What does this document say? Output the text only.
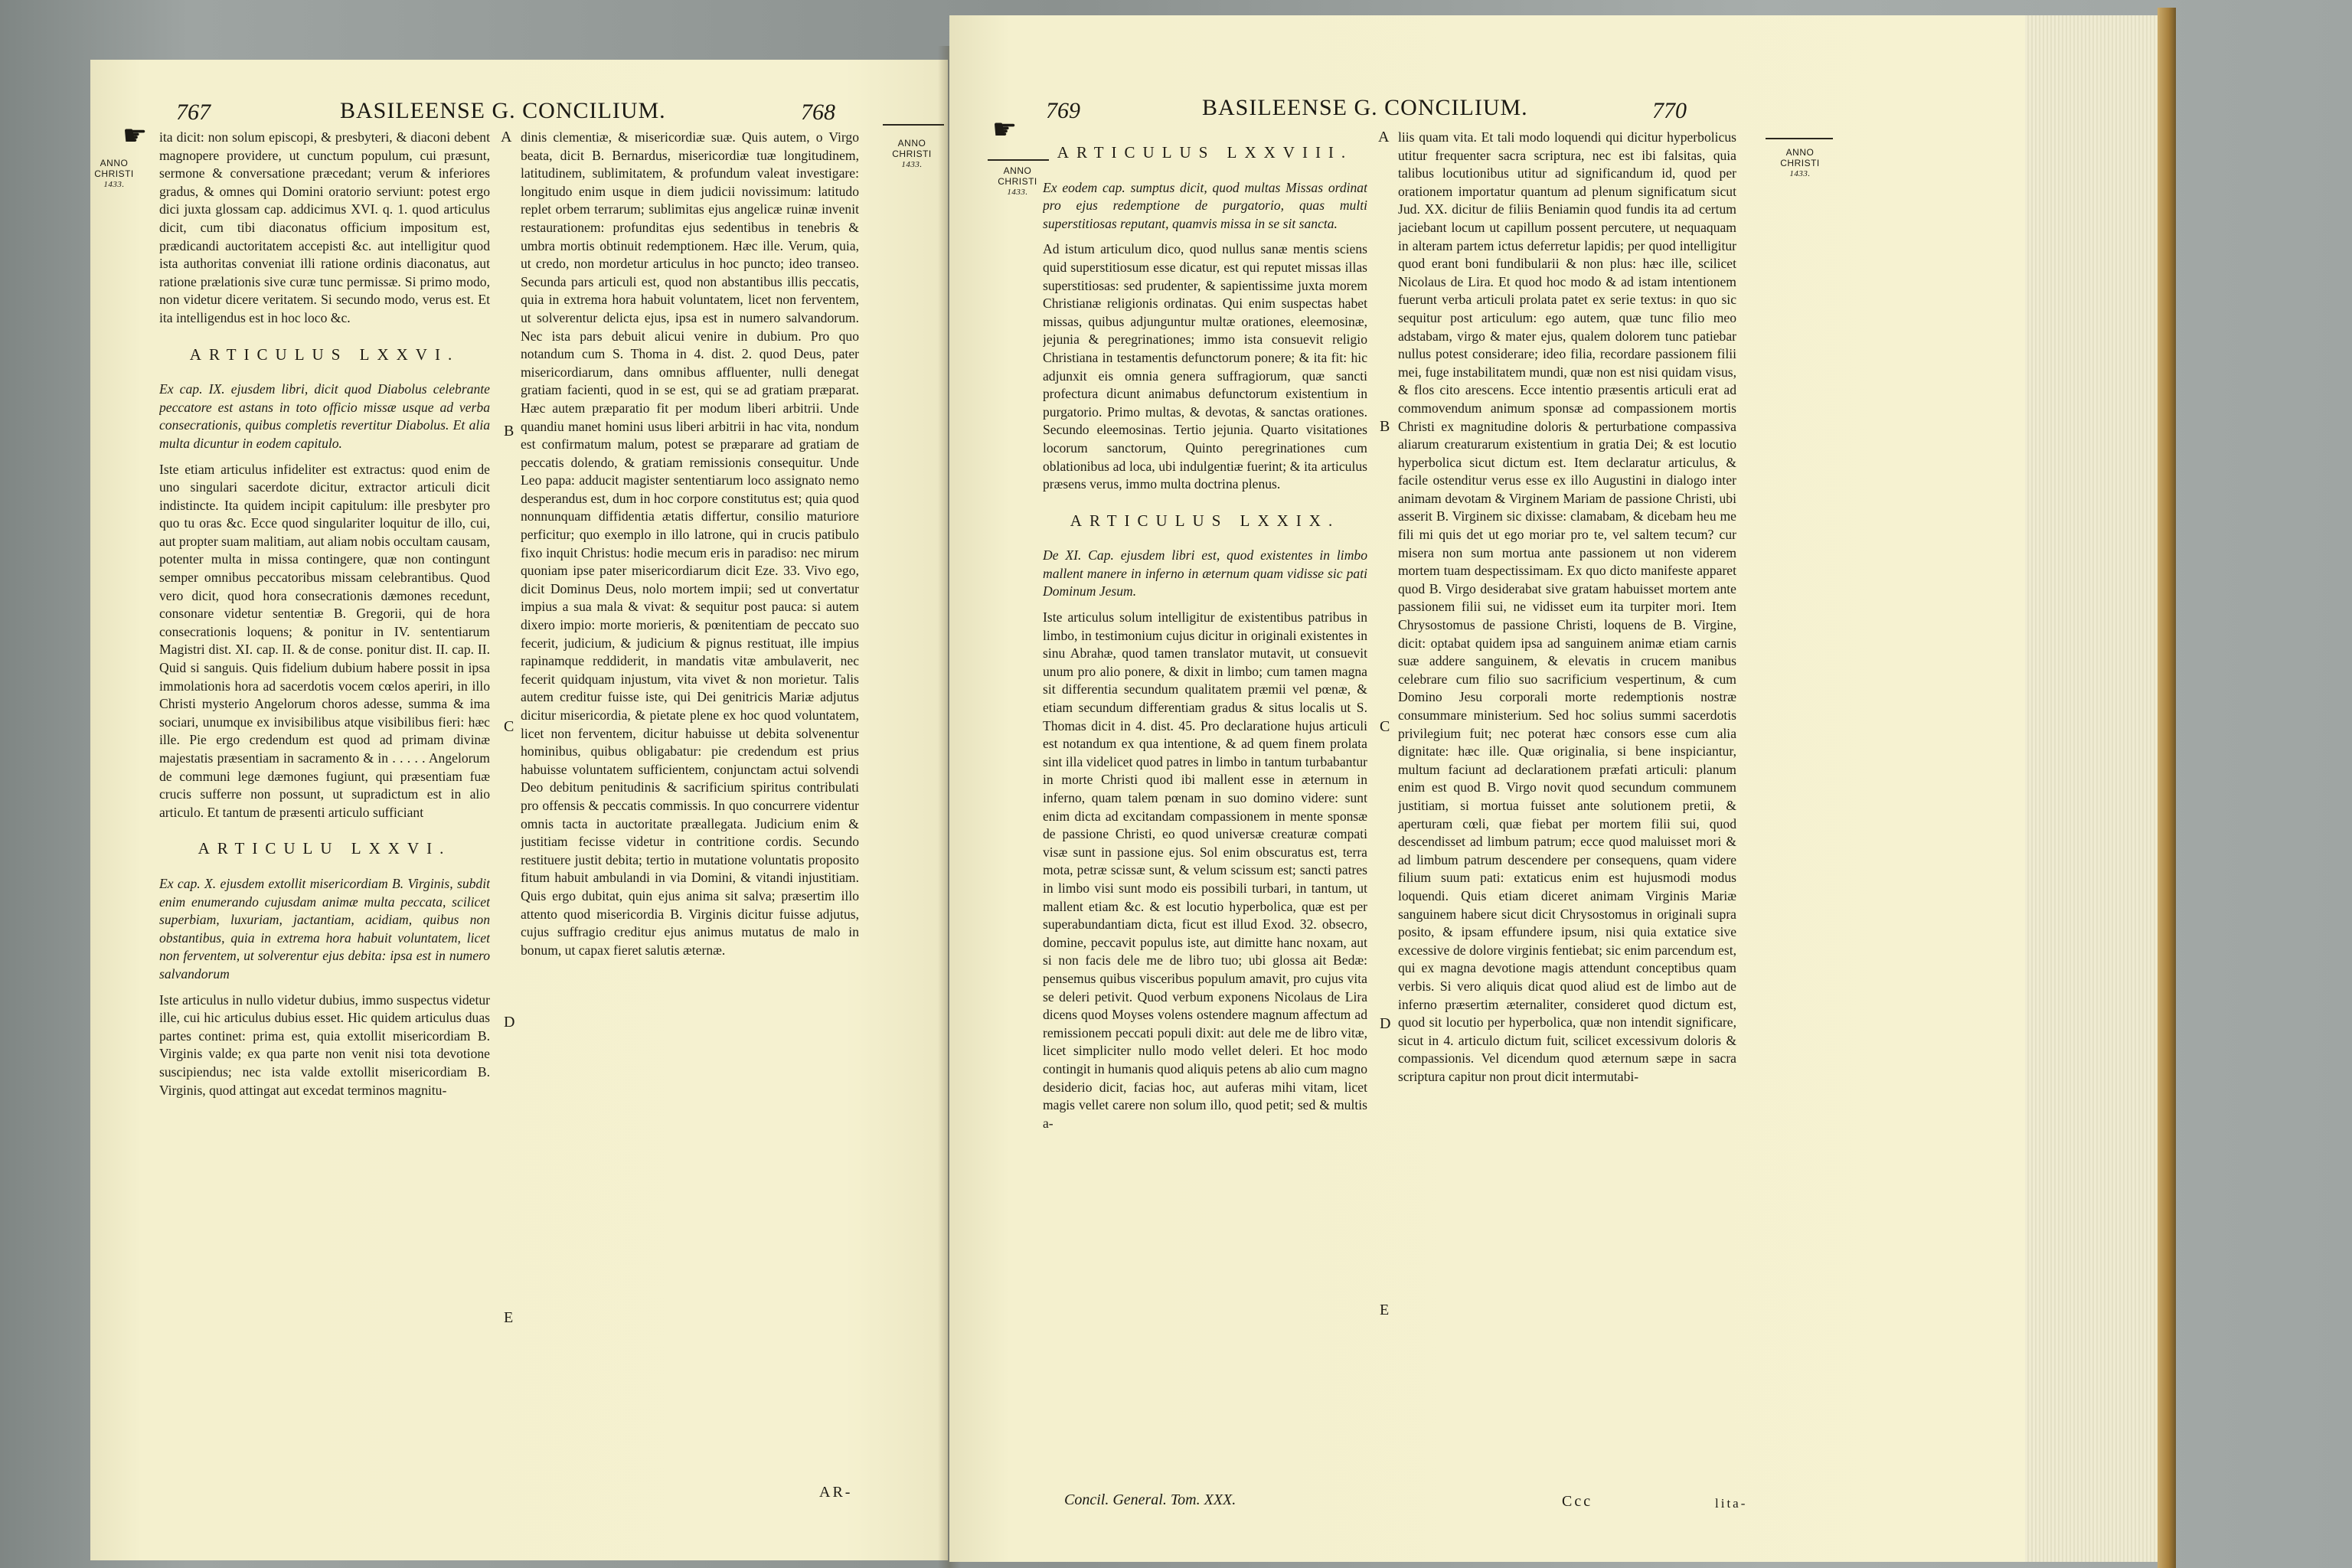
☛
767	BASILEENSE G. CONCILIUM.	768
ANNO
CHRISTI
1433.
ANNO
CHRISTI
1433.

ita dicit: non solum episcopi, & presbyteri, & diaconi debent magnopere providere, ut cunctum populum, cui præsunt, sermone & conversatione præcedant; verum & inferiores gradus, & omnes qui Domini oratorio serviunt: potest ergo dici juxta glossam cap. addicimus XVI. q. 1. quod articulus dicit, cum tibi diaconatus officium impositum est, prædicandi auctoritatem accepisti &c. aut intelligitur quod ista authoritas conveniat illi ratione ordinis diaconatus, aut ratione prælationis sive curæ tunc permissæ. Si primo modo, non videtur dicere veritatem. Si secundo modo, verus est. Et ita intelligendus est in hoc loco &c.

ARTICULUS LXXVI.

Ex cap. IX. ejusdem libri, dicit quod Diabolus celebrante peccatore est astans in toto officio missæ usque ad verba consecrationis, quibus completis revertitur Diabolus. Et alia multa dicuntur in eodem capitulo.

Iste etiam articulus infideliter est extractus: quod enim de uno singulari sacerdote dicitur, extractor articuli dicit indistincte. Ita quidem incipit capitulum: ille presbyter pro quo tu oras &c. Ecce quod singulariter loquitur de illo, cui, aut propter suam malitiam, aut aliam nobis occultam causam, potenter multa in missa contingere, quæ non contingunt semper omnibus peccatoribus missam celebrantibus. Quod vero dicit, quod hora consecrationis dæmones recedunt, consonare videtur sententiæ B. Gregorii, qui de hora consecrationis loquens; & ponitur in IV. sententiarum Magistri dist. XI. cap. II. & de conse. ponitur dist. II. cap. II. Quid si sanguis. Quis fidelium dubium habere possit in ipsa immolationis hora ad sacerdotis vocem cœlos aperiri, in illo Christi mysterio Angelorum choros adesse, summa & ima sociari, unumque ex invisibilibus atque visibilibus fieri: hæc ille. Pie ergo credendum est quod ad primam divinæ majestatis præsentiam in sacramento & in . . . . . Angelorum de communi lege dæmones fugiunt, qui præsentiam fuæ crucis sufferre non possunt, ut supradictum est in alio articulo. Et tantum de præsenti articulo sufficiant

ARTICULU LXXVI.

Ex cap. X. ejusdem extollit misericordiam B. Virginis, subdit enim enumerando cujusdam animæ multa peccata, scilicet superbiam, luxuriam, jactantiam, acidiam, quibus non obstantibus, quia in extrema hora habuit voluntatem, licet non ferventem, ut solverentur ejus debita: ipsa est in numero salvandorum

Iste articulus in nullo videtur dubius, immo suspectus videtur ille, cui hic articulus dubius esset. Hic quidem articulus duas partes continet: prima est, quia extollit misericordiam B. Virginis valde; ex qua parte non venit nisi tota devotione suscipiendus; nec ista valde extollit misericordiam B. Virginis, quod attingat aut excedat terminos magnitu-

dinis clementiæ, & misericordiæ suæ. Quis autem, o Virgo beata, dicit B. Bernardus, misericordiæ tuæ longitudinem, latitudinem, sublimitatem, & profundum valeat investigare: longitudo enim usque in diem judicii novissimum: latitudo replet orbem terrarum; sublimitas ejus angelicæ ruinæ invenit restaurationem: profunditas ejus sedentibus in tenebris & umbra mortis obtinuit redemptionem. Hæc ille. Verum, quia, ut credo, non mordetur articulus in hoc puncto; ideo transeo. Secunda pars articuli est, quod non abstantibus illis peccatis, quia in extrema hora habuit voluntatem, licet non ferventem, ut solverentur delicta ejus, ipsa est in numero salvandorum. Nec ista pars debuit alicui venire in dubium. Pro quo notandum cum S. Thoma in 4. dist. 2. quod Deus, pater misericordiarum, dans omnibus affluenter, nulli denegat gratiam facienti, quod in se est, qui se ad gratiam præparat. Hæc autem præparatio fit per modum liberi arbitrii. Unde quandiu manet homini usus liberi arbitrii in hac vita, nondum est confirmatum malum, potest se præparare ad gratiam de peccatis dolendo, & gratiam remissionis consequitur. Unde Leo papa: adducit magister sententiarum loco assignato nemo desperandus est, dum in hoc corpore constitutus est; quia quod nonnunquam diffidentia ætatis differtur, consilio maturiore perficitur; quo exemplo in illo latrone, qui in crucis patibulo fixo inquit Christus: hodie mecum eris in paradiso: nec mirum quoniam ipse pater misericordiarum dicit Eze. 33. Vivo ego, dicit Dominus Deus, nolo mortem impii; sed ut convertatur impius a sua mala & vivat: & sequitur post pauca: si autem dixero impio: morte morieris, & pœnitentiam de peccato suo fecerit, judicium, & judicium & pignus restituat, ille impius rapinamque reddiderit, in mandatis vitæ ambulaverit, nec fecerit quidquam injustum, vita vivet & non morietur. Talis autem creditur fuisse iste, qui Dei genitricis Mariæ adjutus dicitur misericordia, & pietate plene ex hoc quod voluntatem, licet non ferventem, dicitur habuisse ut debita solvenentur hominibus, quibus obligabatur: pie credendum est prius habuisse voluntatem sufficientem, conjunctam actui solvendi Deo debitum penitudinis & sacrificium spiritus contribulati pro offensis & peccatis commissis. In quo concurrere videntur omnis tacta in auctoritate præallegata. Judicium enim & justitiam fecisse videtur in contritione cordis. Secundo restituere justit debita; tertio in mutatione voluntatis proposito fitum habuit ambulandi in via Domini, & vitandi injustitiam. Quis ergo dubitat, quin ejus anima sit salva; præsertim illo attento quod misericordia B. Virginis dicitur fuisse adjutus, cujus suffragio creditur ejus animus mutatus de malo in bonum, ut capax fieret salutis æternæ.

A
B
C
D
E
AR-
☛
769	BASILEENSE G. CONCILIUM.	770
ANNO
CHRISTI
1433.
ANNO
CHRISTI
1433.
ARTICULUS LXXVIII.

Ex eodem cap. sumptus dicit, quod multas Missas ordinat pro ejus redemptione de purgatorio, quas multi superstitiosas reputant, quamvis missa in se sit sancta.

Ad istum articulum dico, quod nullus sanæ mentis sciens quid superstitiosum esse dicatur, est qui reputet missas illas superstitiosas: sed prudenter, & sapientissime juxta morem Christianæ religionis ordinatas. Qui enim suspectas habet missas, quibus adjunguntur multæ orationes, eleemosinæ, jejunia & peregrinationes; immo ista consuevit religio Christiana in testamentis defunctorum ponere; & ita fit: hic adjunxit eis omnia genera suffragiorum, quæ sancti profectura dicunt animabus defunctorum existentium in purgatorio. Primo multas, & devotas, & sanctas orationes. Secundo eleemosinas. Tertio jejunia. Quarto visitationes locorum sanctorum, Quinto peregrinationes cum oblationibus ad loca, ubi indulgentiæ fuerint; & ita articulus præsens verus, immo multa doctrina plenus.

ARTICULUS LXXIX.

De XI. Cap. ejusdem libri est, quod existentes in limbo mallent manere in inferno in æternum quam vidisse sic pati Dominum Jesum.

Iste articulus solum intelligitur de existentibus patribus in limbo, in testimonium cujus dicitur in originali existentes in sinu Abrahæ, quod tamen translator mutavit, ut consuevit unum pro alio ponere, & dixit in limbo; cum tamen magna sit differentia secundum qualitatem præmii vel pœnæ, & etiam secundum differentiam gradus & situs localis ut S. Thomas dicit in 4. dist. 45. Pro declaratione hujus articuli est notandum ex qua intentione, & ad quem finem prolata sint illa videlicet quod patres in limbo in tantum turbabantur in morte Christi quod ibi mallent esse in æternum in inferno, quam talem pœnam in suo domino videre: sunt enim dicta ad excitandam compassionem in mente sponsæ de passione Christi, eo quod universæ creaturæ compati visæ sunt in passione ejus. Sol enim obscuratus est, terra mota, petræ scissæ sunt, & velum scissum est; sancti patres in limbo visi sunt modo eis possibili turbari, in tantum, ut mallent etiam &c. & est locutio hyperbolica, quæ est per superabundantiam dicta, ficut est illud Exod. 32. obsecro, domine, peccavit populus iste, aut dimitte hanc noxam, aut si non facis dele me de libro tuo; ubi glossa ait Bedæ: pensemus quibus visceribus populum amavit, pro cujus vita se deleri petivit. Quod verbum exponens Nicolaus de Lira dicens quod Moyses volens ostendere magnum affectum ad remissionem peccati populi dixit: aut dele me de libro vitæ, licet simpliciter nullo modo vellet deleri. Et hoc modo contingit in humanis quod aliquis petens ab alio cum magno desiderio dicit, facias hoc, aut auferas mihi vitam, licet magis vellet carere non solum illo, quod petit; sed & multis a-

liis quam vita. Et tali modo loquendi qui dicitur hyperbolicus utitur frequenter sacra scriptura, nec est ibi falsitas, quia talibus locutionibus utitur ad significandum id, quod per orationem importatur quantum ad plenum significatum sicut Jud. XX. dicitur de filiis Beniamin quod fundis ita ad certum jaciebant locum ut capillum possent percutere, ut nequaquam in alteram partem ictus deferretur lapidis; per quod intelligitur quod erant boni fundibularii & non plus: hæc ille, scilicet Nicolaus de Lira. Et quod hoc modo & ad istam intentionem fuerunt verba articuli prolata patet ex serie textus: in quo sic sequitur post articulum: ego autem, quæ tunc filio meo adstabam, virgo & mater ejus, qualem dolorem tunc patiebar nullus potest considerare; ideo filia, recordare passionem filii mei, fuge instabilitatem mundi, quæ non est nisi quidam visus, & flos cito arescens. Ecce intentio præsentis articuli erat ad commovendum animum sponsæ ad compassionem mortis Christi ex magnitudine doloris & perturbatione compassiva aliarum creaturarum existentium in gratia Dei; & est locutio hyperbolica sicut dictum est. Item declaratur articulus, & facile ostenditur verus esse ex illo Augustini in dialogo inter animam devotam & Virginem Mariam de passione Christi, ubi asserit B. Virginem sic dixisse: clamabam, & dicebam heu me fili mi quis det ut ego moriar pro te, vel saltem tecum? cur misera non sum mortua ante passionem ut non viderem mortem tuam despectissimam. Ex quo dicto manifeste apparet quod B. Virgo desiderabat sive gratam habuisset mortem ante passionem filii sui, ne vidisset eum ita turpiter mori. Item Chrysostomus de passione Christi, loquens de B. Virgine, dicit: optabat quidem ipsa ad sanguinem animæ etiam carnis suæ addere sanguinem, & elevatis in crucem manibus celebrare cum filio suo sacrificium vespertinum, & cum Domino Jesu corporali morte redemptionis nostræ consummare ministerium. Sed hoc solius summi sacerdotis privilegium fuit; nec poterat hæc consors esse cum alia dignitate: hæc ille. Quæ originalia, si bene inspiciantur, multum faciunt ad declarationem præfati articuli: planum enim est quod B. Virgo novit quod secundum communem justitiam, si mortua fuisset ante solutionem pretii, & aperturam cœli, quæ fiebat per mortem filii sui, quod descendisset ad limbum patrum; ecce quod maluisset mori & ad limbum patrum descendere per consequens, quam videre filium suum pati: extaticus enim est hujusmodi modus loquendi. Quis etiam diceret animam Virginis Mariæ sanguinem habere sicut dicit Chrysostomus in originali supra posito, & ipsam effundere ipsum, nisi quia extatice sive excessive de dolore virginis fentiebat; sic enim parcendum est, qui ex magna devotione magis attendunt conceptibus quam verbis. Si vero aliquis dicat quod aliud est de limbo aut de inferno præsertim æternaliter, consideret quod dictum est, quod sit locutio per hyperbolica, quæ non intendit significare, sicut in 4. articulo dictum fuit, scilicet excessivum doloris & compassionis. Vel dicendum quod æternum sæpe in sacra scriptura capitur non prout dicit intermutabi-

A
B
C
D
E
Concil. General. Tom. XXX.	Ccc	lita-
